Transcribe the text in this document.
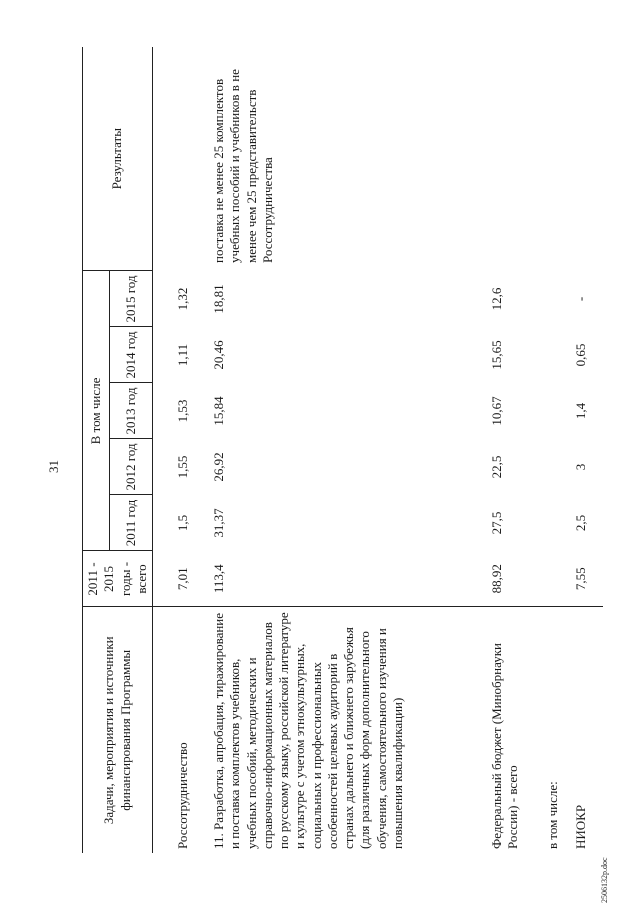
31
Задачи, мероприятия и источники финансирования Программы	2011 - 2015 годы - всего	В том числе					Результаты
		2011 год	2012 год	2013 год	2014 год	2015 год	

Россотрудничество	7,01	1,5	1,55	1,53	1,11	1,32	
11. Разработка, апробация, тиражирование и поставка комплектов учебников, учебных пособий, методических и справочно-информационных материалов по русскому языку, российской литературе и культуре с учетом этнокультурных, социальных и профессиональных особенностей целевых аудиторий в странах дальнего и ближнего зарубежья (для различных форм дополнительного обучения, самостоятельного изучения и повышения квалификации)	113,4	31,37	26,92	15,84	20,46	18,81	поставка не менее 25 комплектов учебных пособий и учебников в не менее чем 25 представительств Россотрудничества
Федеральный бюджет (Минобрнауки России) - всего	88,92	27,5	22,5	10,67	15,65	12,6	
в том числе:							
НИОКР	7,55	2,5	3	1,4	0,65	-	
2506132р.doc
